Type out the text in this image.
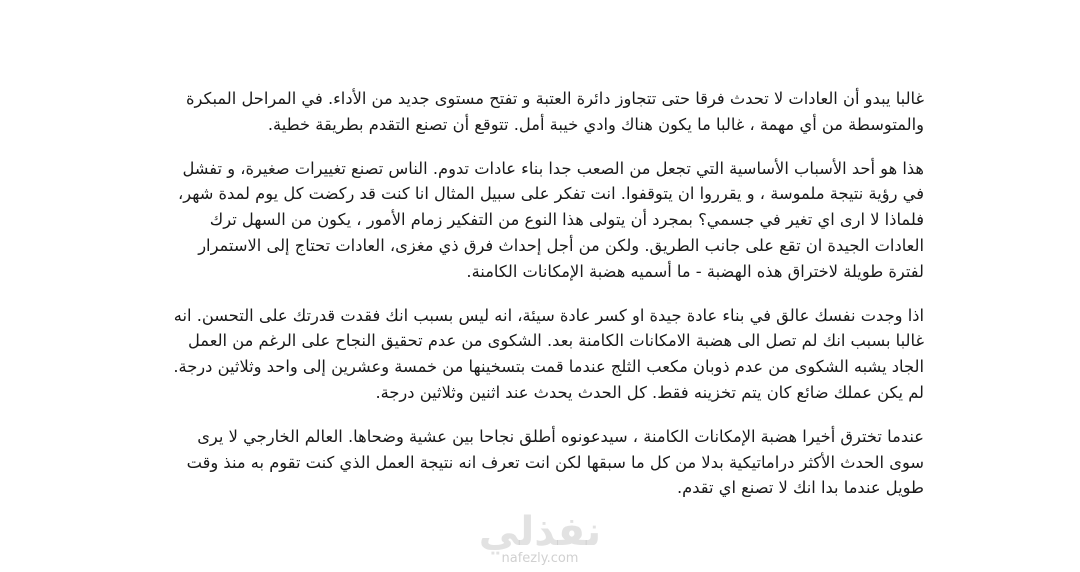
غالبا يبدو أن العادات لا تحدث فرقا حتى تتجاوز دائرة العتبة و تفتح مستوى جديد من الأداء. في المراحل المبكرة والمتوسطة من أي مهمة ، غالبا ما يكون هناك وادي خيبة أمل. تتوقع أن تصنع التقدم بطريقة خطية.

هذا هو أحد الأسباب الأساسية التي تجعل من الصعب جدا بناء عادات تدوم. الناس تصنع تغييرات صغيرة، و تفشل في رؤية نتيجة ملموسة ، و يقرروا ان يتوقفوا. انت تفكر على سبيل المثال انا كنت قد ركضت كل يوم لمدة شهر، فلماذا لا ارى اي تغير في جسمي؟ بمجرد أن يتولى هذا النوع من التفكير زمام الأمور ، يكون من السهل ترك العادات الجيدة ان تقع على جانب الطريق. ولكن من أجل إحداث فرق ذي مغزى، العادات تحتاج إلى الاستمرار لفترة طويلة لاختراق هذه الهضبة - ما أسميه هضبة الإمكانات الكامنة.

اذا وجدت نفسك عالق في بناء عادة جيدة او كسر عادة سيئة، انه ليس بسبب انك فقدت قدرتك على التحسن. انه غالبا بسبب انك لم تصل الى هضبة الامكانات الكامنة بعد. الشكوى من عدم تحقيق النجاح على الرغم من العمل الجاد يشبه الشكوى من عدم ذوبان مكعب الثلج عندما قمت بتسخينها من خمسة وعشرين إلى واحد وثلاثين درجة. لم يكن عملك ضائع كان يتم تخزينه فقط. كل الحدث يحدث عند اثنين وثلاثين درجة.

عندما تخترق أخيرا هضبة الإمكانات الكامنة ، سيدعونوه أطلق نجاحا بين عشية وضحاها. العالم الخارجي لا يرى سوى الحدث الأكثر دراماتيكية بدلا من كل ما سبقها لكن انت تعرف انه نتيجة العمل الذي كنت تقوم به منذ وقت طويل عندما بدا انك لا تصنع اي تقدم.

نفذلي
nafezly.com
